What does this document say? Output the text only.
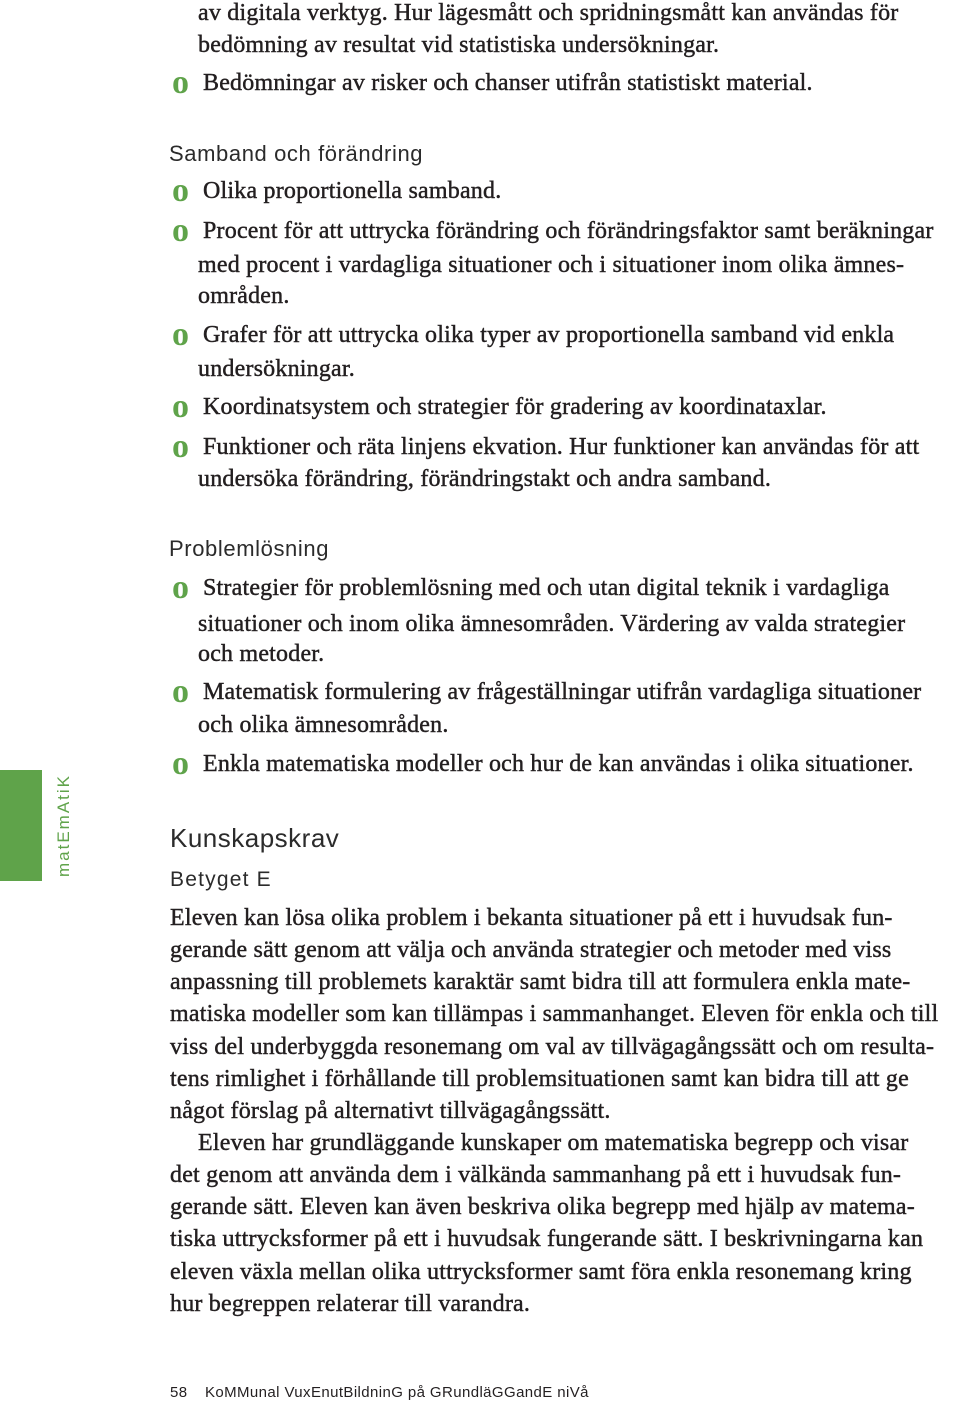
av digitala verktyg. Hur lägesmått och spridningsmått kan användas för
bedömning av resultat vid statistiska undersökningar.
o Bedömningar av risker och chanser utifrån statistiskt material.
Samband och förändring
o Olika proportionella samband.
o Procent för att uttrycka förändring och förändringsfaktor samt beräkningar
med procent i vardagliga situationer och i situationer inom olika ämnes-
områden.
o Grafer för att uttrycka olika typer av proportionella samband vid enkla
undersökningar.
o Koordinatsystem och strategier för gradering av koordinataxlar.
o Funktioner och räta linjens ekvation. Hur funktioner kan användas för att
undersöka förändring, förändringstakt och andra samband.
Problemlösning
o Strategier för problemlösning med och utan digital teknik i vardagliga
situationer och inom olika ämnesområden. Värdering av valda strategier
och metoder.
o Matematisk formulering av frågeställningar utifrån vardagliga situationer
och olika ämnesområden.
o Enkla matematiska modeller och hur de kan användas i olika situationer.
matEmAtiK	Kunskapskrav
Betyget E
Eleven kan lösa olika problem i bekanta situationer på ett i huvudsak fun-
gerande sätt genom att välja och använda strategier och metoder med viss
anpassning till problemets karaktär samt bidra till att formulera enkla mate-
matiska modeller som kan tillämpas i sammanhanget. Eleven för enkla och till
viss del underbyggda resonemang om val av tillvägagångssätt och om resulta-
tens rimlighet i förhållande till problemsituationen samt kan bidra till att ge
något förslag på alternativt tillvägagångssätt.
Eleven har grundläggande kunskaper om matematiska begrepp och visar
det genom att använda dem i välkända sammanhang på ett i huvudsak fun-
gerande sätt. Eleven kan även beskriva olika begrepp med hjälp av matema-
tiska uttrycksformer på ett i huvudsak fungerande sätt. I beskrivningarna kan
eleven växla mellan olika uttrycksformer samt föra enkla resonemang kring
hur begreppen relaterar till varandra.
58 KoMMunal VuxEnutBildninG på GRundläGGandE niVå
